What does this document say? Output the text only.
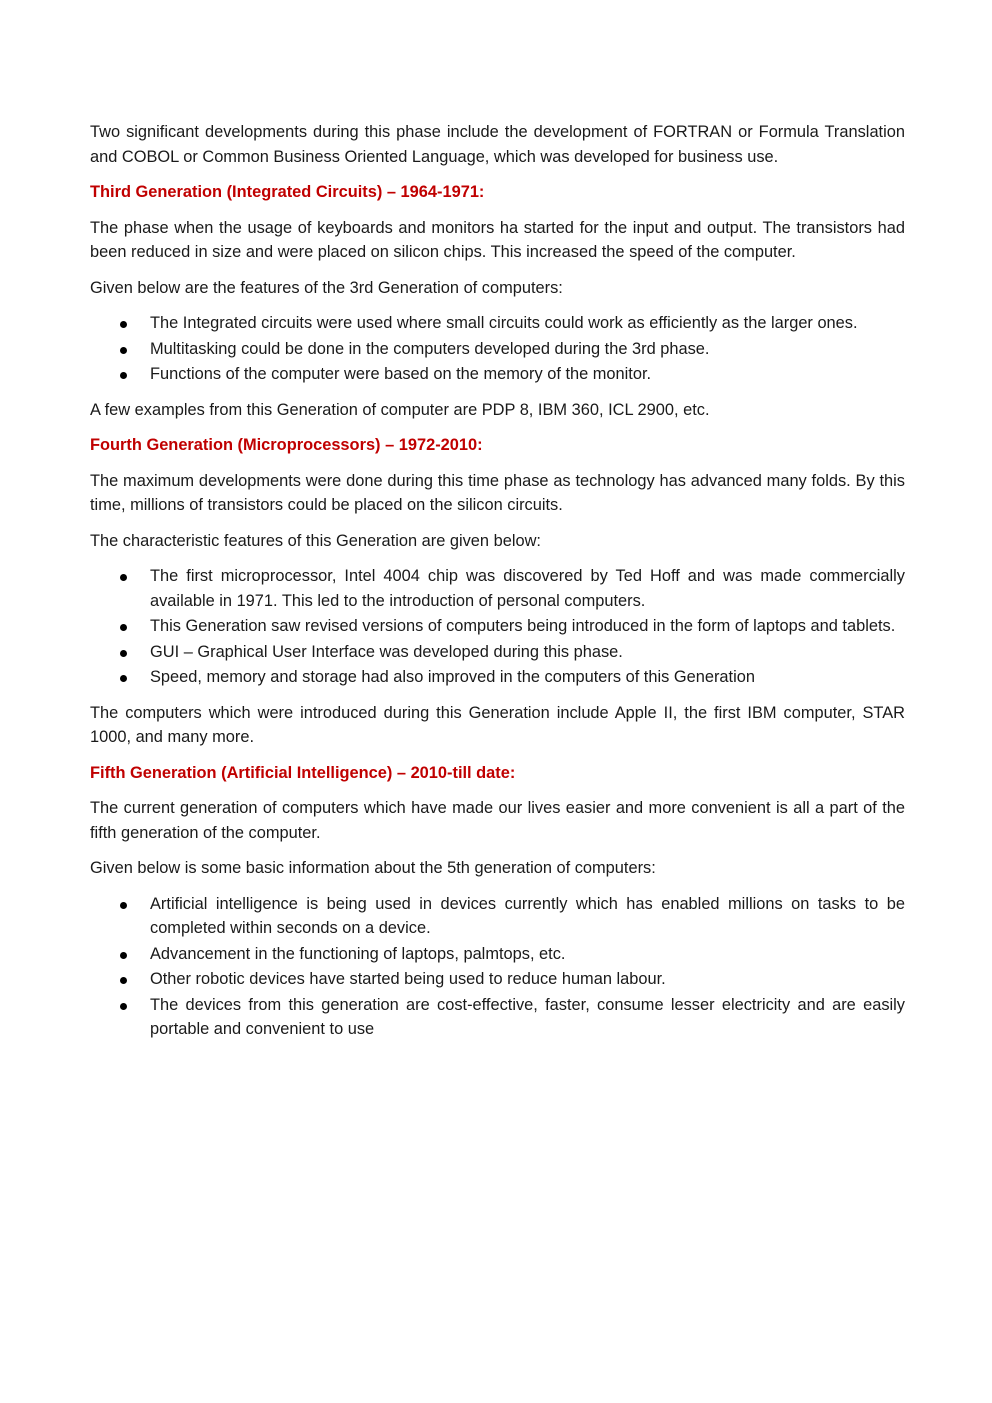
Two significant developments during this phase include the development of FORTRAN or Formula Translation and COBOL or Common Business Oriented Language, which was developed for business use.

Third Generation (Integrated Circuits) – 1964-1971:

The phase when the usage of keyboards and monitors ha started for the input and output. The transistors had been reduced in size and were placed on silicon chips. This increased the speed of the computer.

Given below are the features of the 3rd Generation of computers:

The Integrated circuits were used where small circuits could work as efficiently as the larger ones.
Multitasking could be done in the computers developed during the 3rd phase.
Functions of the computer were based on the memory of the monitor.

A few examples from this Generation of computer are PDP 8, IBM 360, ICL 2900, etc.

Fourth Generation (Microprocessors) – 1972-2010:

The maximum developments were done during this time phase as technology has advanced many folds. By this time, millions of transistors could be placed on the silicon circuits.

The characteristic features of this Generation are given below:

The first microprocessor, Intel 4004 chip was discovered by Ted Hoff and was made commercially available in 1971. This led to the introduction of personal computers.
This Generation saw revised versions of computers being introduced in the form of laptops and tablets.
GUI – Graphical User Interface was developed during this phase.
Speed, memory and storage had also improved in the computers of this Generation

The computers which were introduced during this Generation include Apple II, the first IBM computer, STAR 1000, and many more.

Fifth Generation (Artificial Intelligence) – 2010-till date:

The current generation of computers which have made our lives easier and more convenient is all a part of the fifth generation of the computer.

Given below is some basic information about the 5th generation of computers:

Artificial intelligence is being used in devices currently which has enabled millions on tasks to be completed within seconds on a device.
Advancement in the functioning of laptops, palmtops, etc.
Other robotic devices have started being used to reduce human labour.
The devices from this generation are cost-effective, faster, consume lesser electricity and are easily portable and convenient to use
